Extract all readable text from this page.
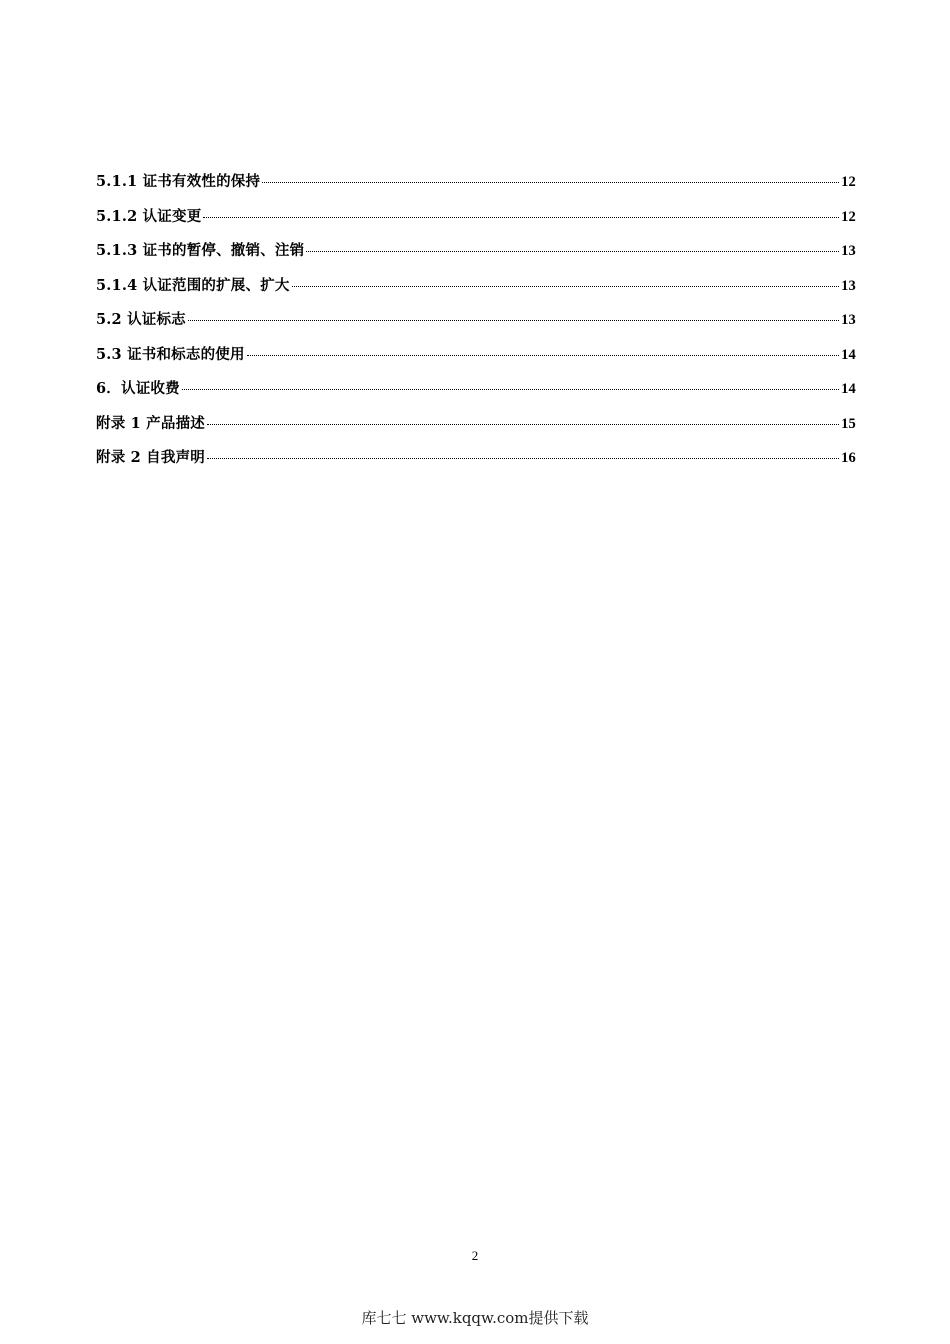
5.1.1 证书有效性的保持	12
5.1.2 认证变更	12
5.1.3 证书的暂停、撤销、注销	13
5.1.4 认证范围的扩展、扩大	13
5.2 认证标志	13
5.3 证书和标志的使用	14
6．认证收费	14
附录 1 产品描述	15
附录 2 自我声明	16
2
库七七 www.kqqw.com提供下载
